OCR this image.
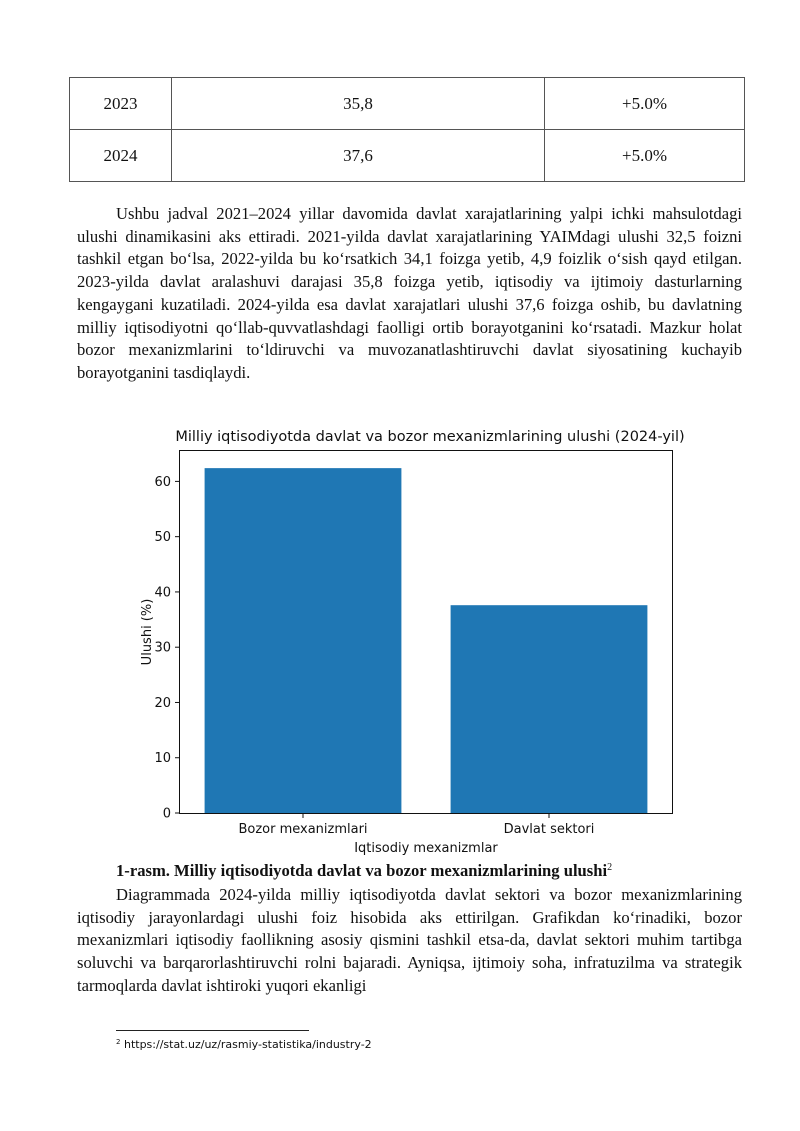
2023	35,8	+5.0%
2024	37,6	+5.0%

Ushbu jadval 2021–2024 yillar davomida davlat xarajatlarining yalpi ichki mahsulotdagi ulushi dinamikasini aks ettiradi. 2021-yilda davlat xarajatlarining YAIMdagi ulushi 32,5 foizni tashkil etgan bo‘lsa, 2022-yilda bu ko‘rsatkich 34,1 foizga yetib, 4,9 foizlik o‘sish qayd etilgan. 2023-yilda davlat aralashuvi darajasi 35,8 foizga yetib, iqtisodiy va ijtimoiy dasturlarning kengaygani kuzatiladi. 2024-yilda esa davlat xarajatlari ulushi 37,6 foizga oshib, bu davlatning milliy iqtisodiyotni qo‘llab-quvvatlashdagi faolligi ortib borayotganini ko‘rsatadi. Mazkur holat bozor mexanizmlarini to‘ldiruvchi va muvozanatlashtiruvchi davlat siyosatining kuchayib borayotganini tasdiqlaydi.

Milliy iqtisodiyotda davlat va bozor mexanizmlarining ulushi (2024-yil)
0
10
20
30
40
50
60
Bozor mexanizmlari	Davlat sektori
Iqtisodiy mexanizmlar
Ulushi (%)

1-rasm. Milliy iqtisodiyotda davlat va bozor mexanizmlarining ulushi$^2$

Diagrammada 2024-yilda milliy iqtisodiyotda davlat sektori va bozor mexanizmlarining iqtisodiy jarayonlardagi ulushi foiz hisobida aks ettirilgan. Grafikdan ko‘rinadiki, bozor mexanizmlari iqtisodiy faollikning asosiy qismini tashkil etsa-da, davlat sektori muhim tartibga soluvchi va barqarorlashtiruvchi rolni bajaradi. Ayniqsa, ijtimoiy soha, infratuzilma va strategik tarmoqlarda davlat ishtiroki yuqori ekanligi

$^2$ https://stat.uz/uz/rasmiy-statistika/industry-2
